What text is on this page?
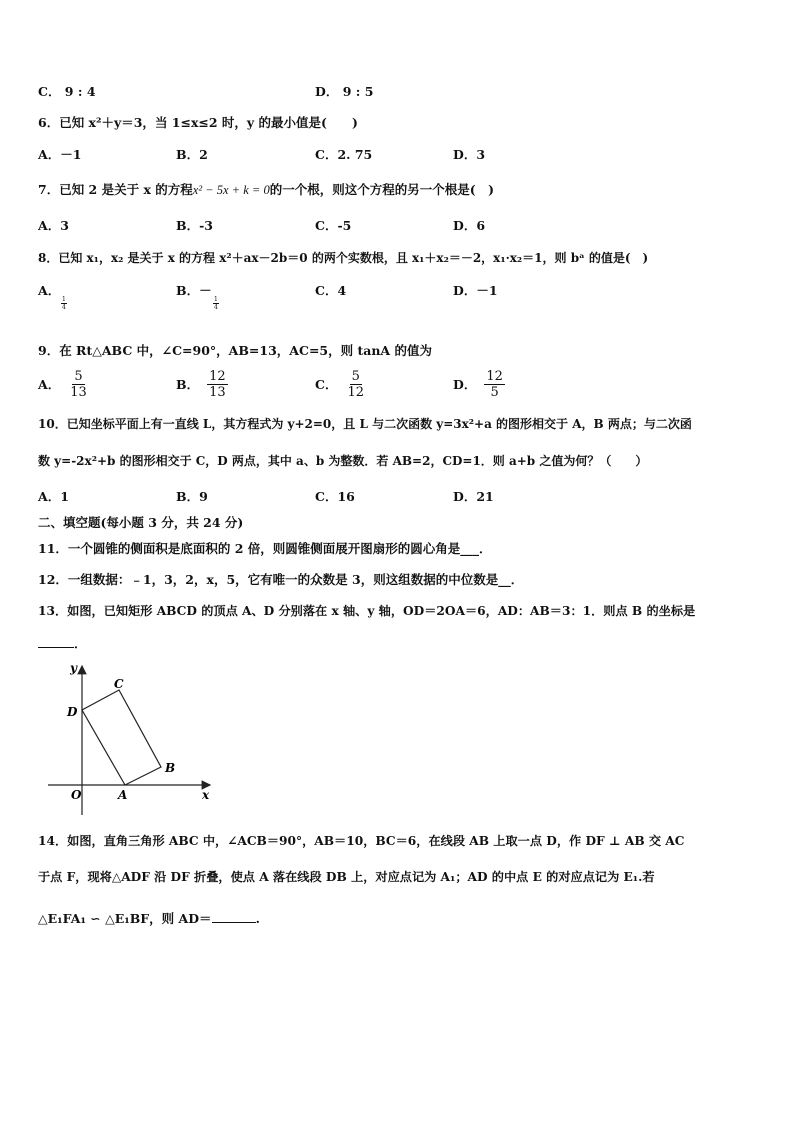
C． 9 : 4	D． 9 : 5
6．已知 x²＋y＝3，当 1≤x≤2 时，y 的最小值是(　　)
A．－1	B．2	C．2. 75	D．3
7．已知 2 是关于 x 的方程x² − 5x + k = 0的一个根，则这个方程的另一个根是(　)
A．3	B．-3	C．-5	D．6
8．已知 x₁，x₂ 是关于 x 的方程 x²＋ax－2b＝0 的两个实数根，且 x₁＋x₂＝－2，x₁·x₂＝1，则 bᵃ 的值是(　)
A．
$\frac{1}{4}$
B．－
$\frac{1}{4}$
C．4	D．－1
9．在 Rt△ABC 中，∠C=90°，AB=13，AC=5，则 tanA 的值为
A． $\frac{5}{13}$	B． $\frac{12}{13}$	C． $\frac{5}{12}$	D． $\frac{12}{5}$
10．已知坐标平面上有一直线 L，其方程式为 y+2=0，且 L 与二次函数 y=3x²+a 的图形相交于 A，B 两点；与二次函
数 y=-2x²+b 的图形相交于 C，D 两点，其中 a、b 为整数．若 AB=2，CD=1．则 a+b 之值为何？（　　）
A．1	B．9	C．16	D．21
二、填空题(每小题 3 分，共 24 分)
11．一个圆锥的侧面积是底面积的 2 倍，则圆锥侧面展开图扇形的圆心角是___．
12．一组数据：﹣1，3，2，x，5，它有唯一的众数是 3，则这组数据的中位数是__．
13．如图，已知矩形 ABCD 的顶点 A、D 分别落在 x 轴、y 轴，OD＝2OA＝6，AD：AB＝3：1．则点 B 的坐标是
．
y
x
O	A
B
C
D
14．如图，直角三角形 ABC 中，∠ACB＝90°，AB＝10，BC＝6，在线段 AB 上取一点 D，作 DF ⊥ AB 交 AC
于点 F，现将△ADF 沿 DF 折叠，使点 A 落在线段 DB 上，对应点记为 A₁；AD 的中点 E 的对应点记为 E₁.若
△E₁FA₁ ∽ △E₁BF，则 AD＝	.
